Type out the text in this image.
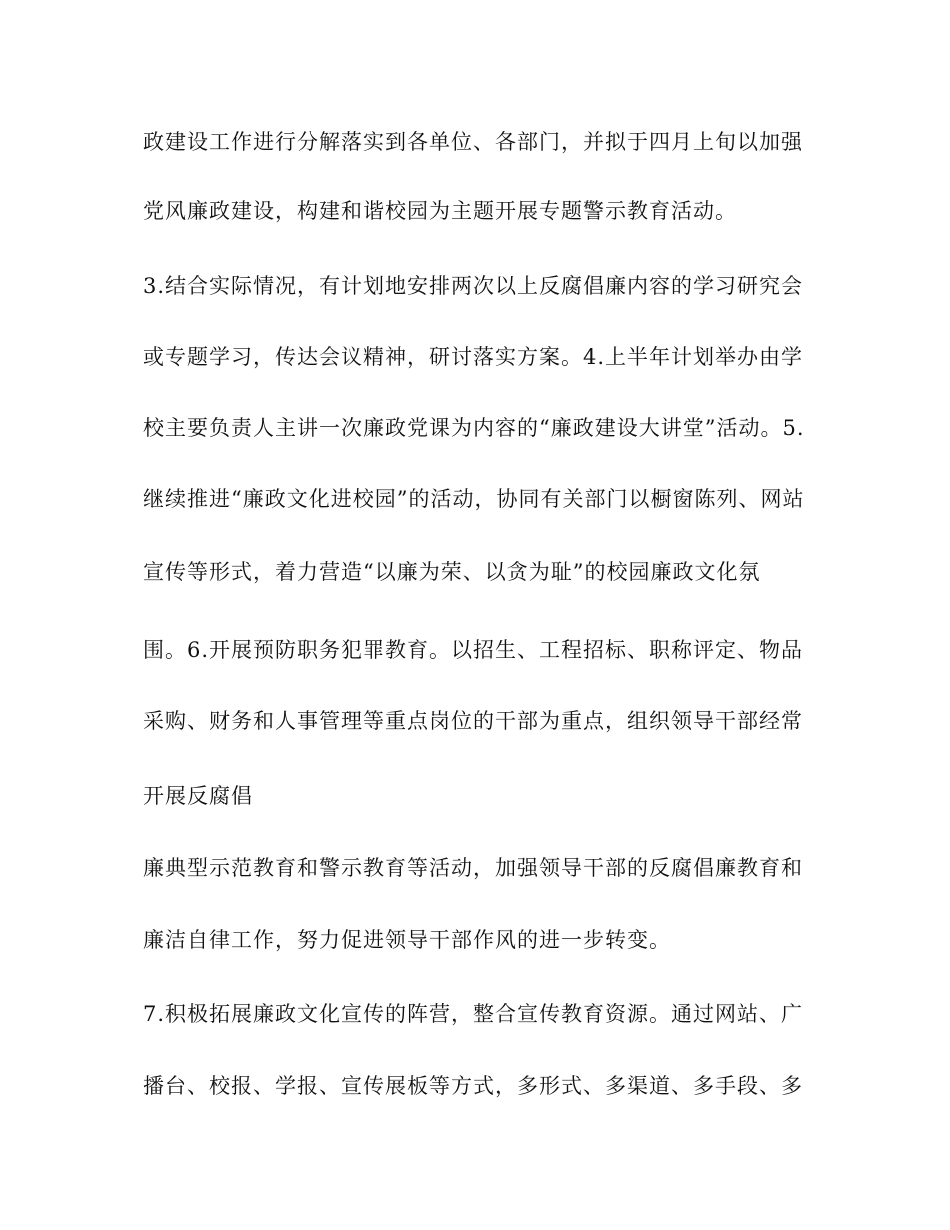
政建设工作进行分解落实到各单位、各部门，并拟于四月上旬以加强
党风廉政建设，构建和谐校园为主题开展专题警示教育活动。
3.结合实际情况，有计划地安排两次以上反腐倡廉内容的学习研究会
或专题学习，传达会议精神，研讨落实方案。4.上半年计划举办由学
校主要负责人主讲一次廉政党课为内容的“廉政建设大讲堂”活动。5.
继续推进“廉政文化进校园”的活动，协同有关部门以橱窗陈列、网站
宣传等形式，着力营造“以廉为荣、以贪为耻”的校园廉政文化氛
围。6.开展预防职务犯罪教育。以招生、工程招标、职称评定、物品
采购、财务和人事管理等重点岗位的干部为重点，组织领导干部经常
开展反腐倡
廉典型示范教育和警示教育等活动，加强领导干部的反腐倡廉教育和
廉洁自律工作，努力促进领导干部作风的进一步转变。
7.积极拓展廉政文化宣传的阵营，整合宣传教育资源。通过网站、广
播台、校报、学报、宣传展板等方式，多形式、多渠道、多手段、多
